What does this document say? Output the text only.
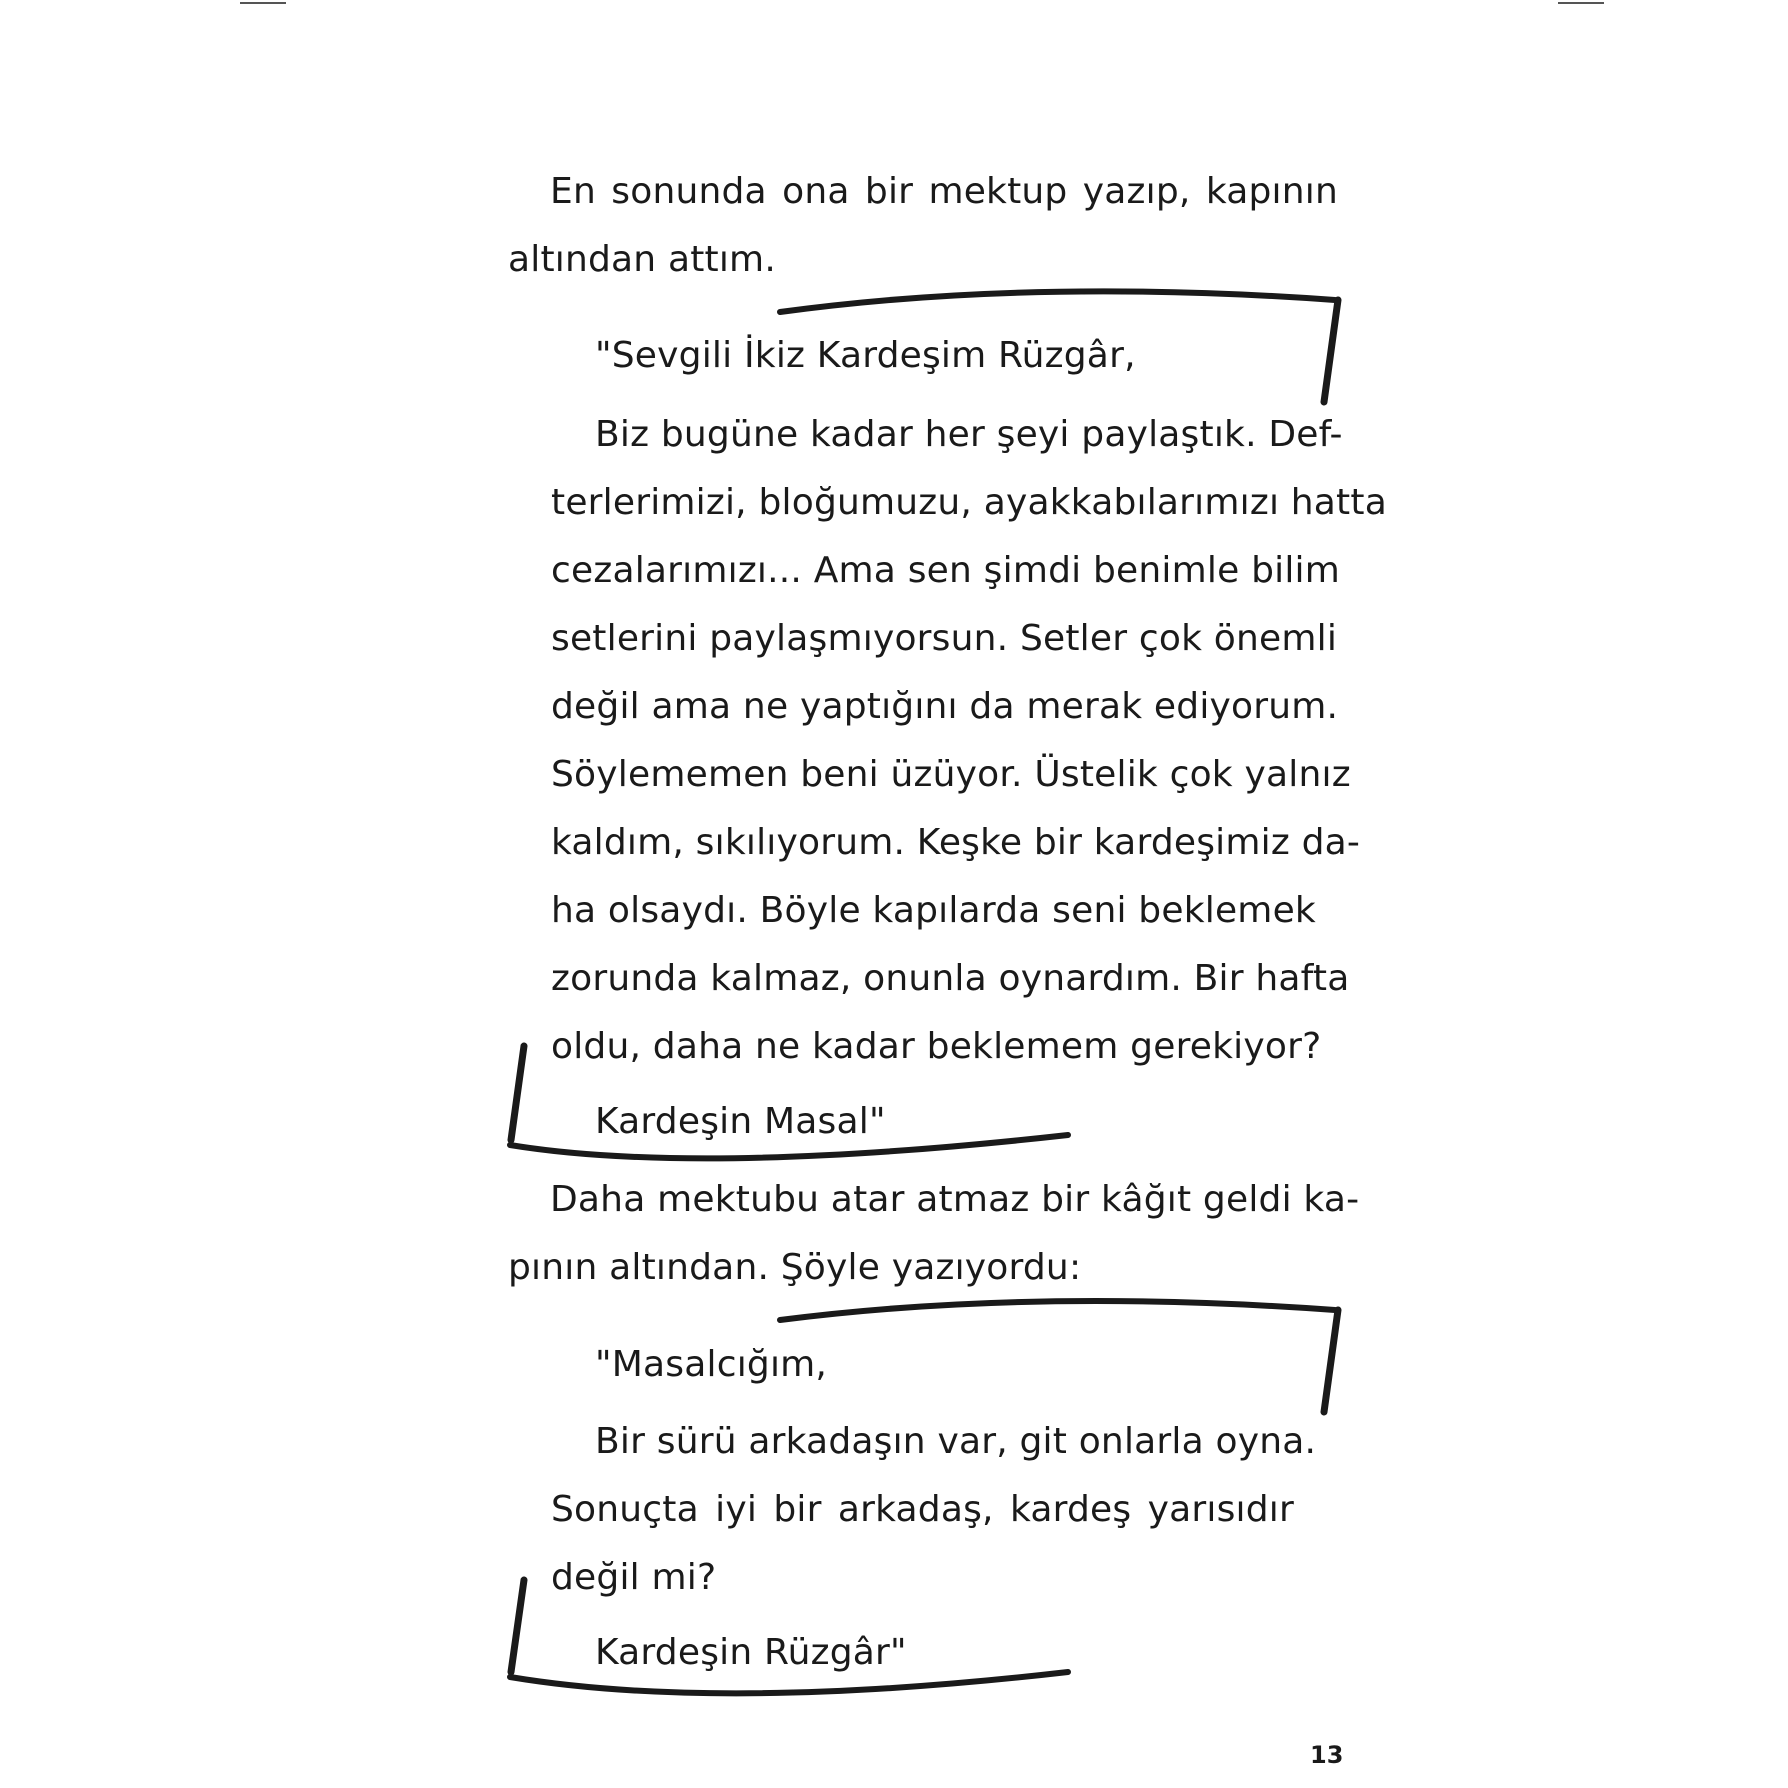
En sonunda ona bir mektup yazıp, kapının
altından attım.
"Sevgili İkiz Kardeşim Rüzgâr,
Biz bugüne kadar her şeyi paylaştık. Def-
terlerimizi, bloğumuzu, ayakkabılarımızı hatta
cezalarımızı... Ama sen şimdi benimle bilim
setlerini paylaşmıyorsun. Setler çok önemli
değil ama ne yaptığını da merak ediyorum.
Söylememen beni üzüyor. Üstelik çok yalnız
kaldım, sıkılıyorum. Keşke bir kardeşimiz da-
ha olsaydı. Böyle kapılarda seni beklemek
zorunda kalmaz, onunla oynardım. Bir hafta
oldu, daha ne kadar beklemem gerekiyor?
Kardeşin Masal"
Daha mektubu atar atmaz bir kâğıt geldi ka-
pının altından. Şöyle yazıyordu:
"Masalcığım,
Bir sürü arkadaşın var, git onlarla oyna.
Sonuçta iyi bir arkadaş, kardeş yarısıdır
değil mi?
Kardeşin Rüzgâr"
13
